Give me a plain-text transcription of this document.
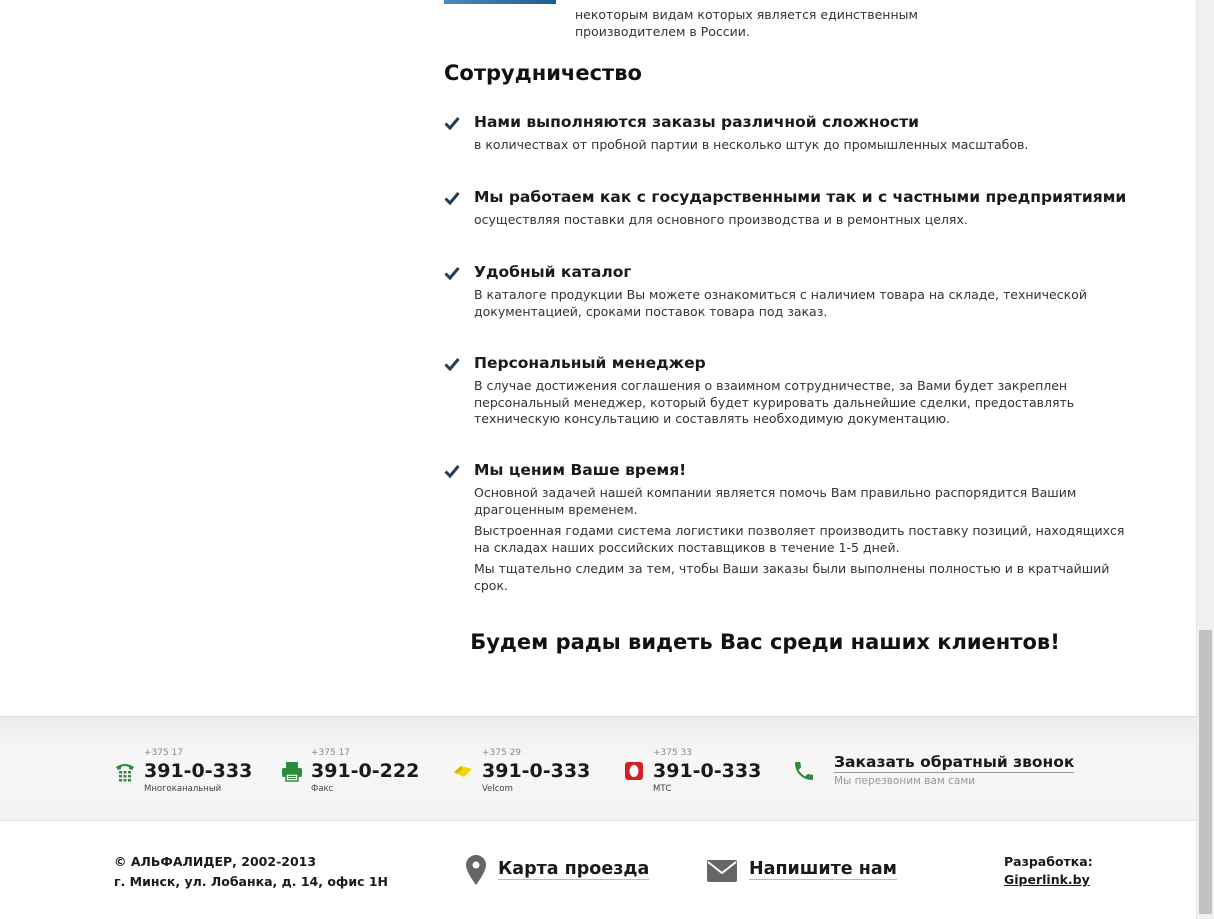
некоторым видам которых является единственным
производителем в России.
Сотрудничество
Нами выполняются заказы различной сложности
в количествах от пробной партии в несколько штук до промышленных масштабов.
Мы работаем как с государственными так и с частными предприятиями
осуществляя поставки для основного производства и в ремонтных целях.
В каталоге продукции Вы можете ознакомиться с наличием товара на складе, технической
документацией, сроками поставок товара под заказ.
Удобный каталог
Персональный менеджер
В случае достижения соглашения о взаимном сотрудничестве, за Вами будет закреплен
персональный менеджер, который будет курировать дальнейшие сделки, предоставлять
техническую консультацию и составлять необходимую документацию.
Мы ценим Ваше время!

Основной задачей нашей компании является помочь Вам правильно распорядится Вашим
драгоценным временем.

Выстроенная годами система логистики позволяет производить поставку позиций, находящихся
на складах наших российских поставщиков в течение 1-5 дней.

Мы тщательно следим за тем, чтобы Ваши заказы были выполнены полностью и в кратчайший
срок.

Будем рады видеть Вас среди наших клиентов!
+375 17
391-0-333
Многоканальный
+375 17
391-0-222
Факс
+375 29
391-0-333
Velcom
+375 33
391-0-333
МТС
Заказать обратный звонок
Мы перезвоним вам сами
© АЛЬФАЛИДЕР, 2002-2013
г. Минск, ул. Лобанка, д. 14, офис 1Н
Карта проезда	Напишите нам	Разработка:
Giperlink.by
